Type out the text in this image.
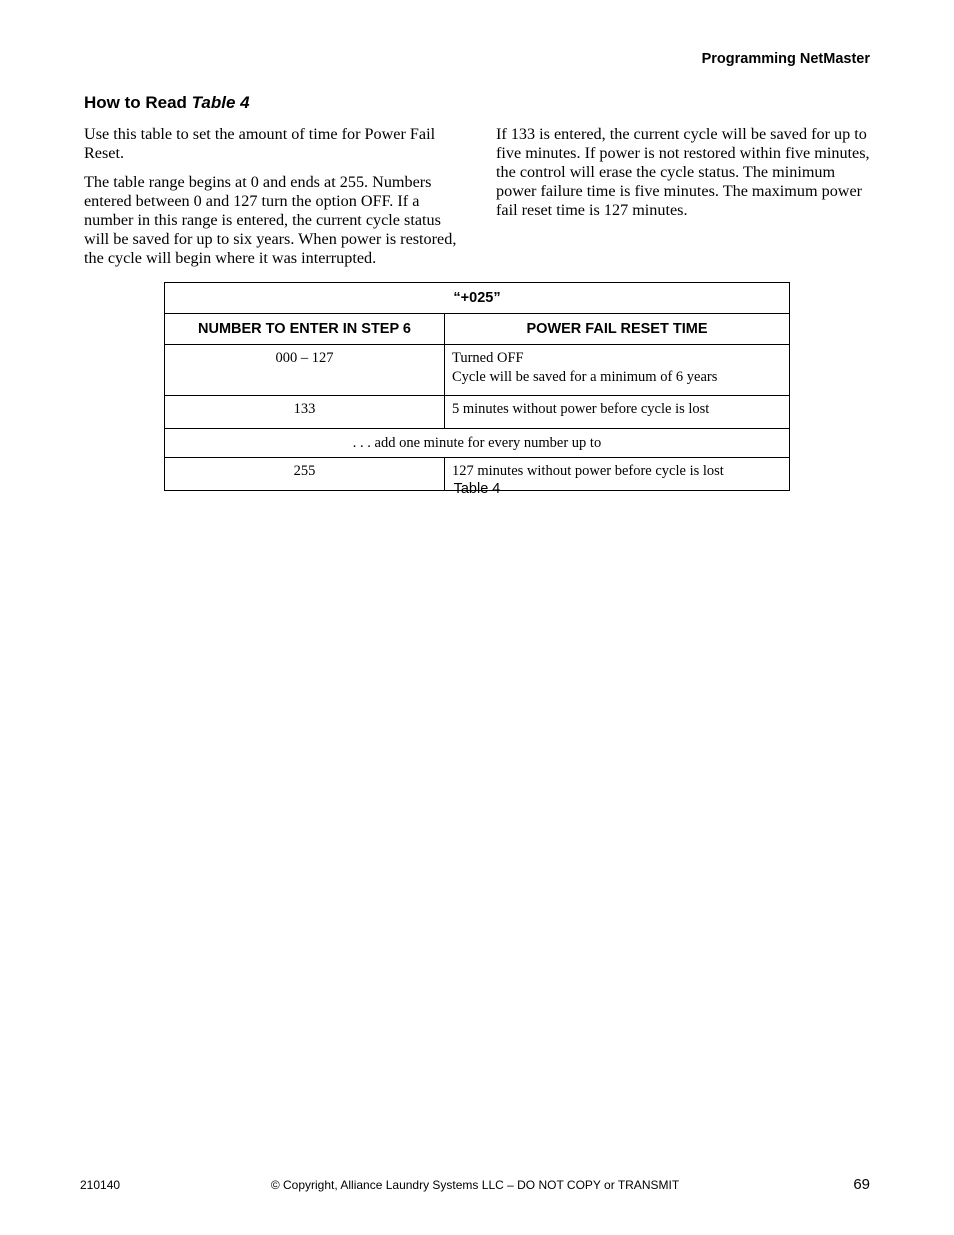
Programming NetMaster
How to Read Table 4

Use this table to set the amount of time for Power Fail Reset.

The table range begins at 0 and ends at 255. Numbers entered between 0 and 127 turn the option OFF. If a number in this range is entered, the current cycle status will be saved for up to six years. When power is restored, the cycle will begin where it was interrupted.

If 133 is entered, the current cycle will be saved for up to five minutes. If power is not restored within five minutes, the control will erase the cycle status. The minimum power failure time is five minutes. The maximum power fail reset time is 127 minutes.

“+025”	
NUMBER TO ENTER IN STEP 6	POWER FAIL RESET TIME
000 – 127	Turned OFF
Cycle will be saved for a minimum of 6 years

133	5 minutes without power before cycle is lost
. . . add one minute for every number up to	
255	127 minutes without power before cycle is lost
Table 4
210140	© Copyright, Alliance Laundry Systems LLC – DO NOT COPY or TRANSMIT	69
